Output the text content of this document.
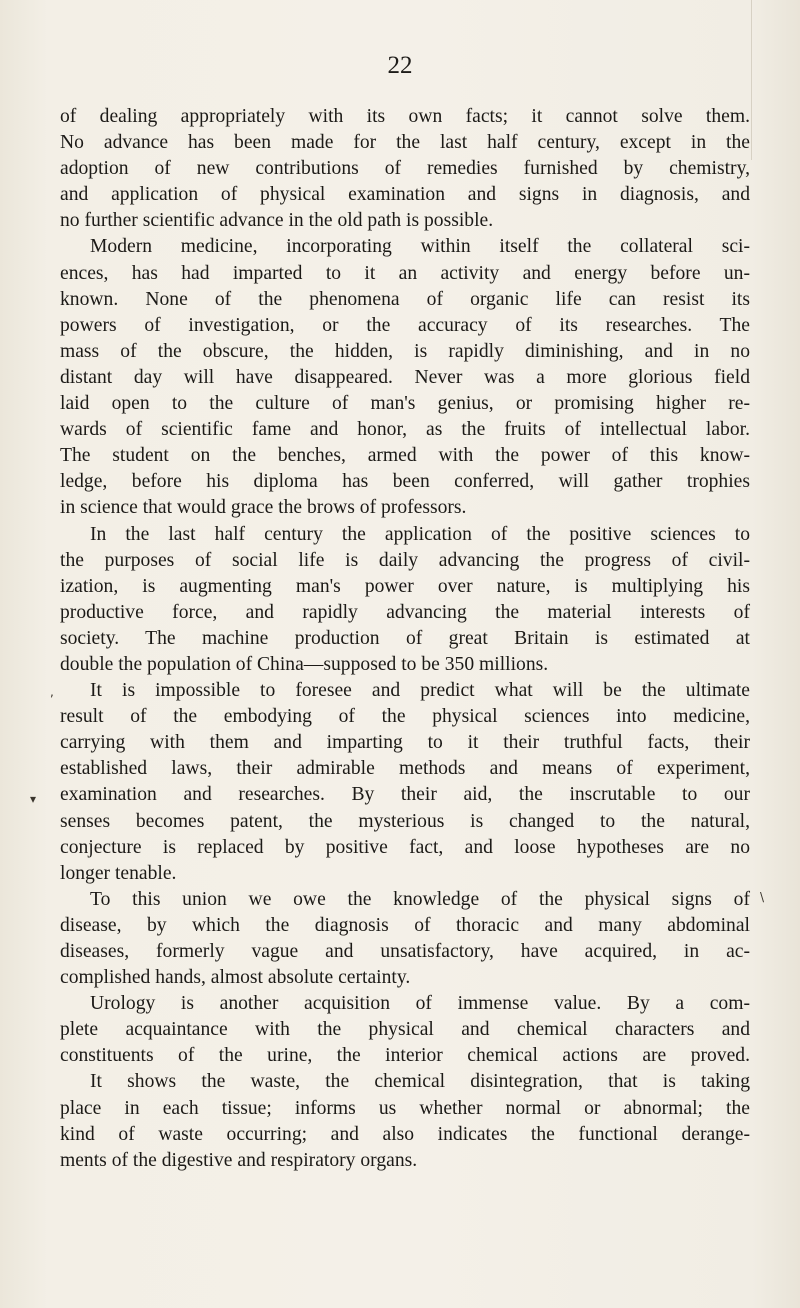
22
of dealing appropriately with its own facts; it cannot solve them.
No advance has been made for the last half century, except in the
adoption of new contributions of remedies furnished by chemistry,
and application of physical examination and signs in diagnosis, and
no further scientific advance in the old path is possible.
Modern medicine, incorporating within itself the collateral sci-
ences, has had imparted to it an activity and energy before un-
known. None of the phenomena of organic life can resist its
powers of investigation, or the accuracy of its researches. The
mass of the obscure, the hidden, is rapidly diminishing, and in no
distant day will have disappeared. Never was a more glorious field
laid open to the culture of man's genius, or promising higher re-
wards of scientific fame and honor, as the fruits of intellectual labor.
The student on the benches, armed with the power of this know-
ledge, before his diploma has been conferred, will gather trophies
in science that would grace the brows of professors.
In the last half century the application of the positive sciences to
the purposes of social life is daily advancing the progress of civil-
ization, is augmenting man's power over nature, is multiplying his
productive force, and rapidly advancing the material interests of
society. The machine production of great Britain is estimated at
double the population of China—supposed to be 350 millions.
It is impossible to foresee and predict what will be the ultimate
result of the embodying of the physical sciences into medicine,
carrying with them and imparting to it their truthful facts, their
established laws, their admirable methods and means of experiment,
examination and researches. By their aid, the inscrutable to our
senses becomes patent, the mysterious is changed to the natural,
conjecture is replaced by positive fact, and loose hypotheses are no
longer tenable.
To this union we owe the knowledge of the physical signs of
disease, by which the diagnosis of thoracic and many abdominal
diseases, formerly vague and unsatisfactory, have acquired, in ac-
complished hands, almost absolute certainty.
Urology is another acquisition of immense value. By a com-
plete acquaintance with the physical and chemical characters and
constituents of the urine, the interior chemical actions are proved.
It shows the waste, the chemical disintegration, that is taking
place in each tissue; informs us whether normal or abnormal; the
kind of waste occurring; and also indicates the functional derange-
ments of the digestive and respiratory organs.
,
▾
\
